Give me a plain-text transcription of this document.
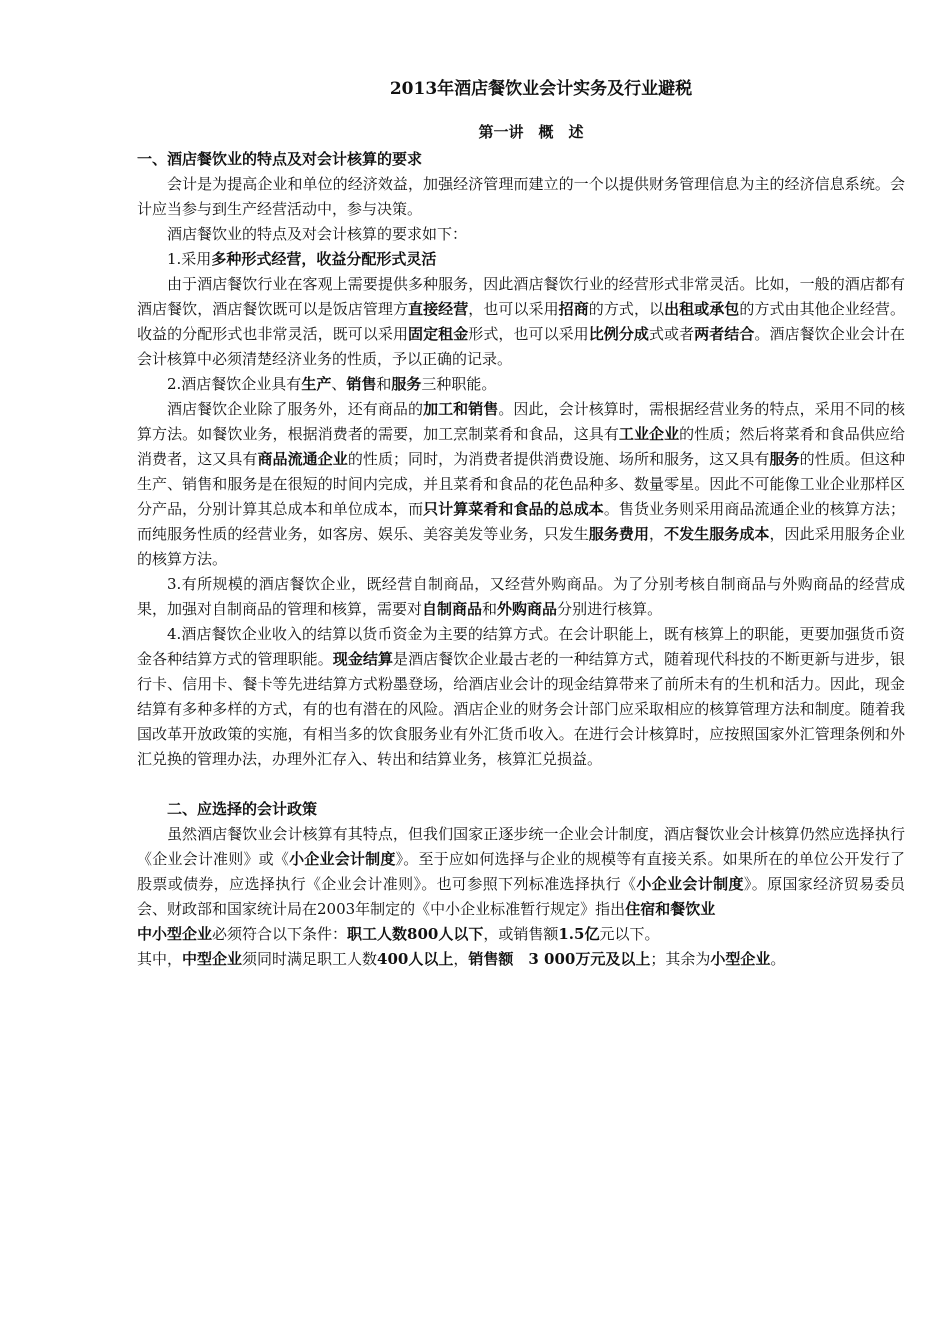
2013年酒店餐饮业会计实务及行业避税
第一讲　概　述
一、酒店餐饮业的特点及对会计核算的要求
会计是为提高企业和单位的经济效益，加强经济管理而建立的一个以提供财务管理信息为主的经济信息系统。会计应当参与到生产经营活动中，参与决策。
酒店餐饮业的特点及对会计核算的要求如下：
1.采用多种形式经营，收益分配形式灵活
由于酒店餐饮行业在客观上需要提供多种服务，因此酒店餐饮行业的经营形式非常灵活。比如，一般的酒店都有酒店餐饮，酒店餐饮既可以是饭店管理方直接经营，也可以采用招商的方式，以出租或承包的方式由其他企业经营。收益的分配形式也非常灵活，既可以采用固定租金形式，也可以采用比例分成式或者两者结合。酒店餐饮企业会计在会计核算中必须清楚经济业务的性质，予以正确的记录。
2.酒店餐饮企业具有生产、销售和服务三种职能。
酒店餐饮企业除了服务外，还有商品的加工和销售。因此，会计核算时，需根据经营业务的特点，采用不同的核算方法。如餐饮业务，根据消费者的需要，加工烹制菜肴和食品，这具有工业企业的性质；然后将菜肴和食品供应给消费者，这又具有商品流通企业的性质；同时，为消费者提供消费设施、场所和服务，这又具有服务的性质。但这种生产、销售和服务是在很短的时间内完成，并且菜肴和食品的花色品种多、数量零星。因此不可能像工业企业那样区分产品，分别计算其总成本和单位成本，而只计算菜肴和食品的总成本。售货业务则采用商品流通企业的核算方法；而纯服务性质的经营业务，如客房、娱乐、美容美发等业务，只发生服务费用，不发生服务成本，因此采用服务企业的核算方法。
3.有所规模的酒店餐饮企业，既经营自制商品，又经营外购商品。为了分别考核自制商品与外购商品的经营成果，加强对自制商品的管理和核算，需要对自制商品和外购商品分别进行核算。
4.酒店餐饮企业收入的结算以货币资金为主要的结算方式。在会计职能上，既有核算上的职能，更要加强货币资金各种结算方式的管理职能。现金结算是酒店餐饮企业最古老的一种结算方式，随着现代科技的不断更新与进步，银行卡、信用卡、餐卡等先进结算方式粉墨登场，给酒店业会计的现金结算带来了前所未有的生机和活力。因此，现金结算有多种多样的方式，有的也有潜在的风险。酒店企业的财务会计部门应采取相应的核算管理方法和制度。随着我国改革开放政策的实施，有相当多的饮食服务业有外汇货币收入。在进行会计核算时，应按照国家外汇管理条例和外汇兑换的管理办法，办理外汇存入、转出和结算业务，核算汇兑损益。
二、应选择的会计政策
虽然酒店餐饮业会计核算有其特点，但我们国家正逐步统一企业会计制度，酒店餐饮业会计核算仍然应选择执行《企业会计准则》或《小企业会计制度》。至于应如何选择与企业的规模等有直接关系。如果所在的单位公开发行了股票或债券，应选择执行《企业会计准则》。也可参照下列标准选择执行《小企业会计制度》。原国家经济贸易委员会、财政部和国家统计局在2003年制定的《中小企业标准暂行规定》指出住宿和餐饮业
中小型企业必须符合以下条件：职工人数800人以下，或销售额1.5亿元以下。
其中，中型企业须同时满足职工人数400人以上，销售额　3 000万元及以上；其余为小型企业。
